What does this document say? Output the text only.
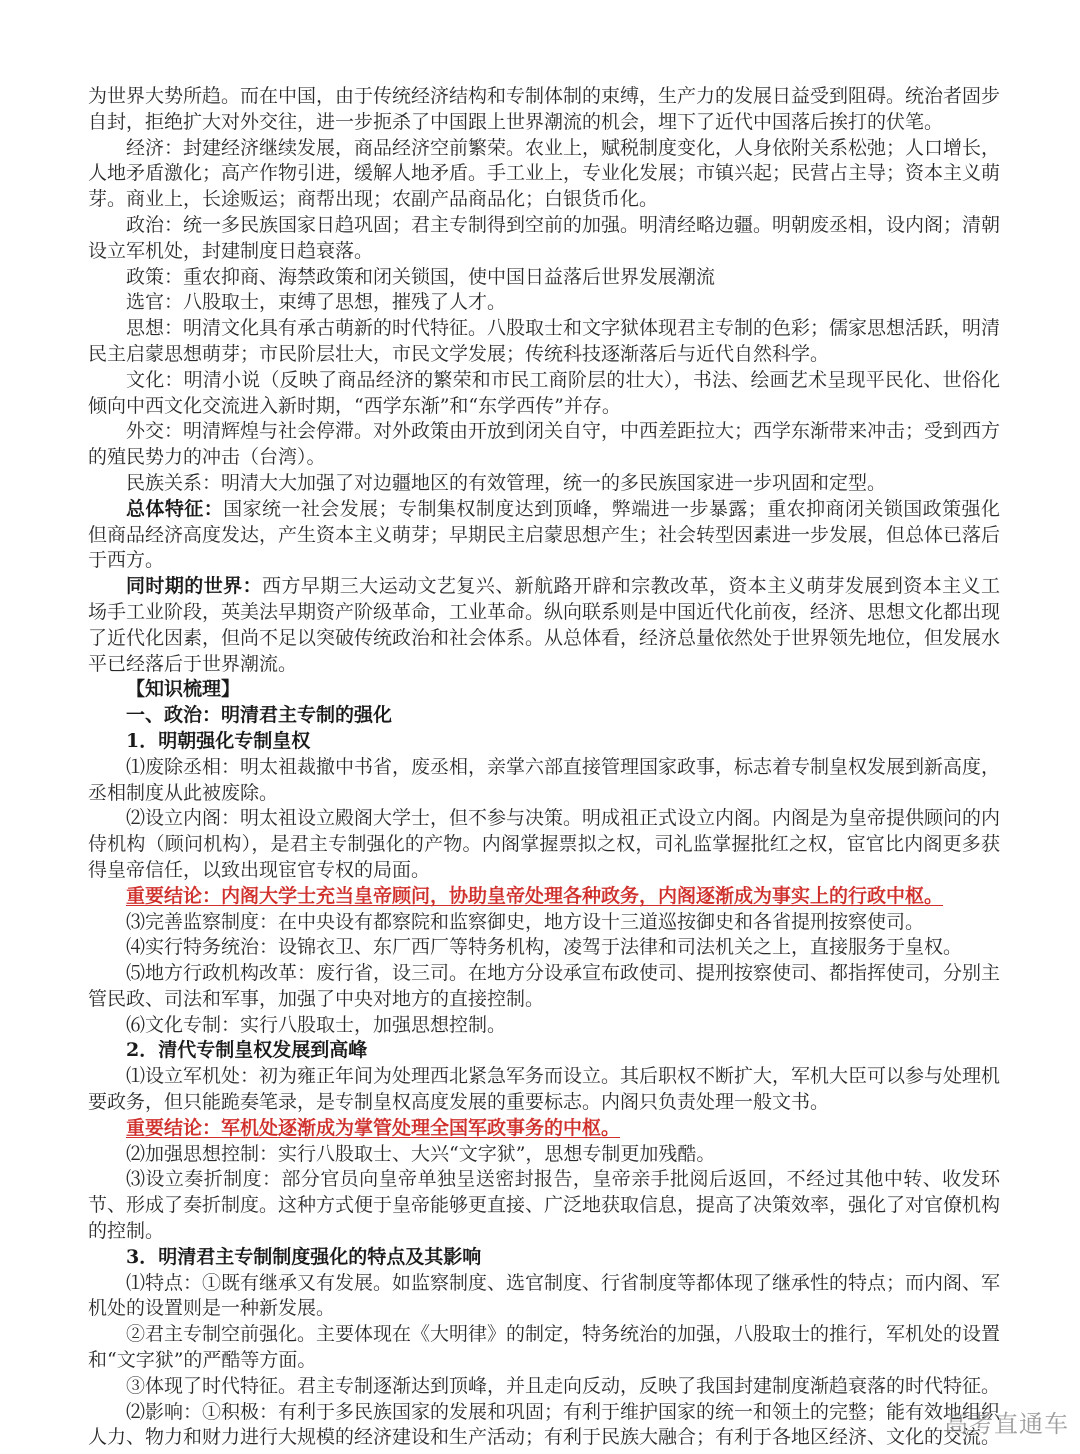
为世界大势所趋。而在中国，由于传统经济结构和专制体制的束缚，生产力的发展日益受到阻碍。统治者固步自封，拒绝扩大对外交往，进一步扼杀了中国跟上世界潮流的机会，埋下了近代中国落后挨打的伏笔。

经济：封建经济继续发展，商品经济空前繁荣。农业上，赋税制度变化，人身依附关系松弛；人口增长，人地矛盾激化；高产作物引进，缓解人地矛盾。手工业上，专业化发展；市镇兴起；民营占主导；资本主义萌芽。商业上，长途贩运；商帮出现；农副产品商品化；白银货币化。

政治：统一多民族国家日趋巩固；君主专制得到空前的加强。明清经略边疆。明朝废丞相，设内阁；清朝设立军机处，封建制度日趋衰落。

政策：重农抑商、海禁政策和闭关锁国，使中国日益落后世界发展潮流

选官：八股取士，束缚了思想，摧残了人才。

思想：明清文化具有承古萌新的时代特征。八股取士和文字狱体现君主专制的色彩；儒家思想活跃，明清民主启蒙思想萌芽；市民阶层壮大，市民文学发展；传统科技逐渐落后与近代自然科学。

文化：明清小说（反映了商品经济的繁荣和市民工商阶层的壮大），书法、绘画艺术呈现平民化、世俗化倾向中西文化交流进入新时期，“西学东渐”和“东学西传”并存。

外交：明清辉煌与社会停滞。对外政策由开放到闭关自守，中西差距拉大；西学东渐带来冲击；受到西方的殖民势力的冲击（台湾）。

民族关系：明清大大加强了对边疆地区的有效管理，统一的多民族国家进一步巩固和定型。

总体特征：国家统一社会发展；专制集权制度达到顶峰，弊端进一步暴露；重农抑商闭关锁国政策强化但商品经济高度发达，产生资本主义萌芽；早期民主启蒙思想产生；社会转型因素进一步发展，但总体已落后于西方。

同时期的世界：西方早期三大运动文艺复兴、新航路开辟和宗教改革，资本主义萌芽发展到资本主义工场手工业阶段，英美法早期资产阶级革命，工业革命。纵向联系则是中国近代化前夜，经济、思想文化都出现了近代化因素，但尚不足以突破传统政治和社会体系。从总体看，经济总量依然处于世界领先地位，但发展水平已经落后于世界潮流。

【知识梳理】

一、政治：明清君主专制的强化

1．明朝强化专制皇权

⑴废除丞相：明太祖裁撤中书省，废丞相，亲掌六部直接管理国家政事，标志着专制皇权发展到新高度，丞相制度从此被废除。

⑵设立内阁：明太祖设立殿阁大学士，但不参与决策。明成祖正式设立内阁。内阁是为皇帝提供顾问的内侍机构（顾问机构），是君主专制强化的产物。内阁掌握票拟之权，司礼监掌握批红之权，宦官比内阁更多获得皇帝信任，以致出现宦官专权的局面。

重要结论：内阁大学士充当皇帝顾问，协助皇帝处理各种政务，内阁逐渐成为事实上的行政中枢。

⑶完善监察制度：在中央设有都察院和监察御史，地方设十三道巡按御史和各省提刑按察使司。

⑷实行特务统治：设锦衣卫、东厂西厂等特务机构，凌驾于法律和司法机关之上，直接服务于皇权。

⑸地方行政机构改革：废行省，设三司。在地方分设承宣布政使司、提刑按察使司、都指挥使司，分别主管民政、司法和军事，加强了中央对地方的直接控制。

⑹文化专制：实行八股取士，加强思想控制。

2．清代专制皇权发展到高峰

⑴设立军机处：初为雍正年间为处理西北紧急军务而设立。其后职权不断扩大，军机大臣可以参与处理机要政务，但只能跪奏笔录，是专制皇权高度发展的重要标志。内阁只负责处理一般文书。

重要结论：军机处逐渐成为掌管处理全国军政事务的中枢。

⑵加强思想控制：实行八股取士、大兴“文字狱”，思想专制更加残酷。

⑶设立奏折制度：部分官员向皇帝单独呈送密封报告，皇帝亲手批阅后返回，不经过其他中转、收发环节、形成了奏折制度。这种方式便于皇帝能够更直接、广泛地获取信息，提高了决策效率，强化了对官僚机构的控制。

3．明清君主专制制度强化的特点及其影响

⑴特点：①既有继承又有发展。如监察制度、选官制度、行省制度等都体现了继承性的特点；而内阁、军机处的设置则是一种新发展。

②君主专制空前强化。主要体现在《大明律》的制定，特务统治的加强，八股取士的推行，军机处的设置和“文字狱”的严酷等方面。

③体现了时代特征。君主专制逐渐达到顶峰，并且走向反动，反映了我国封建制度渐趋衰落的时代特征。

⑵影响：①积极：有利于多民族国家的发展和巩固；有利于维护国家的统一和领土的完整；能有效地组织人力、物力和财力进行大规模的经济建设和生产活动；有利于民族大融合；有利于各地区经济、文化的交流。

高考直通车
